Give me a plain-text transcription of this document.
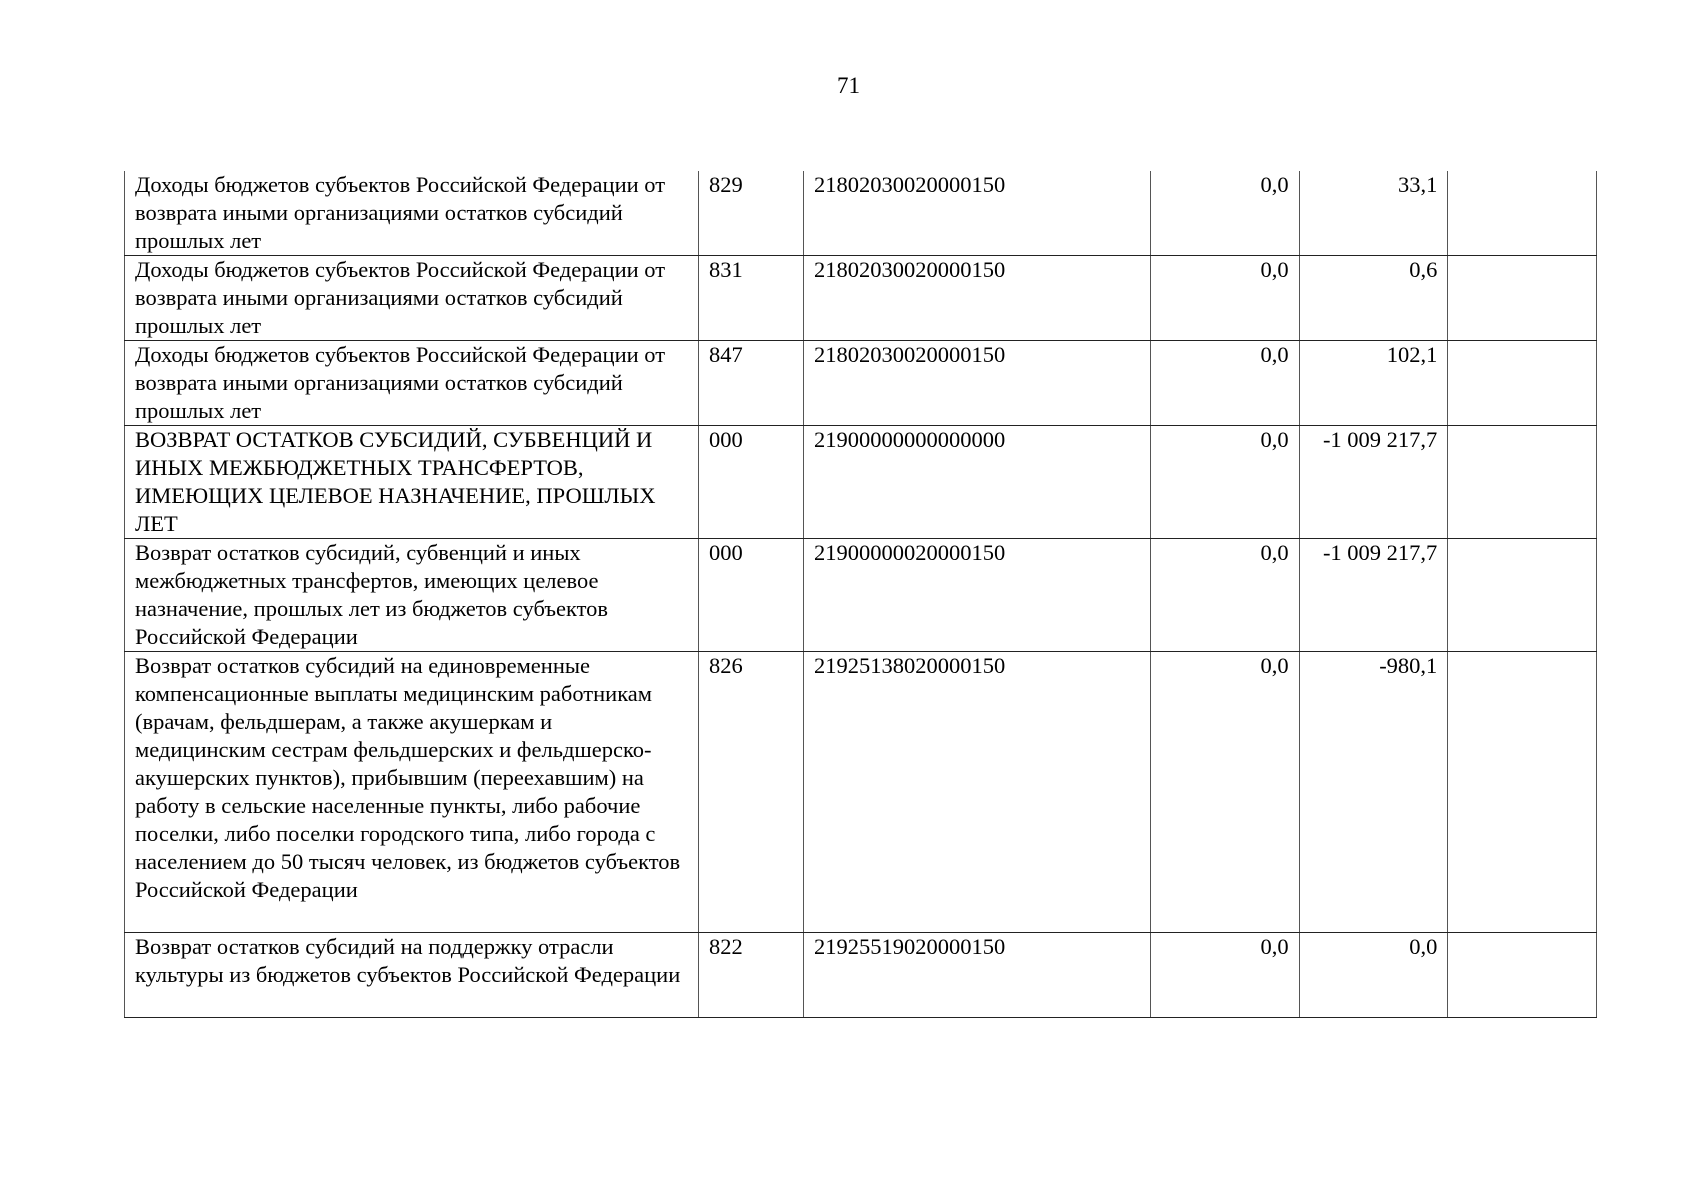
71
Доходы бюджетов субъектов Российской Федерации от возврата иными организациями остатков субсидий прошлых лет	829	21802030020000150	0,0	33,1	
Доходы бюджетов субъектов Российской Федерации от возврата иными организациями остатков субсидий прошлых лет	831	21802030020000150	0,0	0,6	
Доходы бюджетов субъектов Российской Федерации от возврата иными организациями остатков субсидий прошлых лет	847	21802030020000150	0,0	102,1	
ВОЗВРАТ ОСТАТКОВ СУБСИДИЙ, СУБВЕНЦИЙ И ИНЫХ МЕЖБЮДЖЕТНЫХ ТРАНСФЕРТОВ, ИМЕЮЩИХ ЦЕЛЕВОЕ НАЗНАЧЕНИЕ, ПРОШЛЫХ ЛЕТ	000	21900000000000000	0,0	-1 009 217,7	
Возврат остатков субсидий, субвенций и иных межбюджетных трансфертов, имеющих целевое назначение, прошлых лет из бюджетов субъектов Российской Федерации	000	21900000020000150	0,0	-1 009 217,7	
Возврат остатков субсидий на единовременные компенсационные выплаты медицинским работникам (врачам, фельдшерам, а также акушеркам и медицинским сестрам фельдшерских и фельдшерско-акушерских пунктов), прибывшим (переехавшим) на работу в сельские населенные пункты, либо рабочие поселки, либо поселки городского типа, либо города с населением до 50 тысяч человек, из бюджетов субъектов Российской Федерации	826	21925138020000150	0,0	-980,1	
Возврат остатков субсидий на поддержку отрасли культуры из бюджетов субъектов Российской Федерации	822	21925519020000150	0,0	0,0	
